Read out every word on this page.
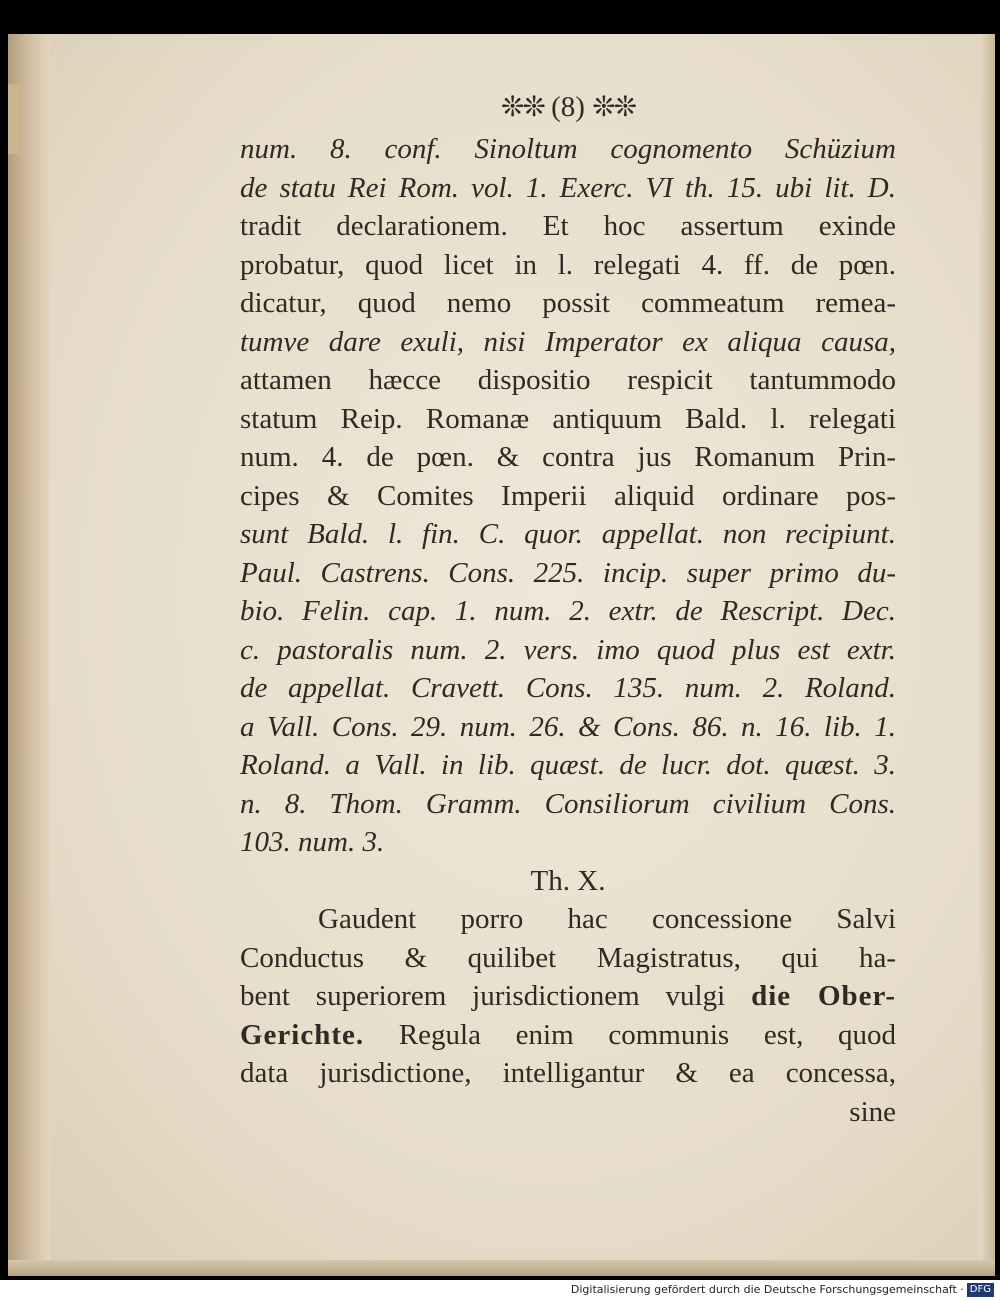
❊❊ (8) ❊❊
num. 8. conf. Sinoltum cognomento Schüzium
de statu Rei Rom. vol. 1. Exerc. VI th. 15. ubi lit. D.
tradit declarationem. Et hoc assertum exinde
probatur, quod licet in l. relegati 4. ff. de pœn.
dicatur, quod nemo possit commeatum remea-
tumve dare exuli, nisi Imperator ex aliqua causa,
attamen hæcce dispositio respicit tantummodo
statum Reip. Romanæ antiquum Bald. l. relegati
num. 4. de pœn. & contra jus Romanum Prin-
cipes & Comites Imperii aliquid ordinare pos-
sunt Bald. l. fin. C. quor. appellat. non recipiunt.
Paul. Castrens. Cons. 225. incip. super primo du-
bio. Felin. cap. 1. num. 2. extr. de Rescript. Dec.
c. pastoralis num. 2. vers. imo quod plus est extr.
de appellat. Cravett. Cons. 135. num. 2. Roland.
a Vall. Cons. 29. num. 26. & Cons. 86. n. 16. lib. 1.
Roland. a Vall. in lib. quæst. de lucr. dot. quæst. 3.
n. 8. Thom. Gramm. Consiliorum civilium Cons.
103. num. 3.
Th. X.
Gaudent porro hac concessione Salvi
Conductus & quilibet Magistratus, qui ha-
bent superiorem jurisdictionem vulgi die Ober-
Gerichte. Regula enim communis est, quod
data jurisdictione, intelligantur & ea concessa,
sine
Digitalisierung gefördert durch die Deutsche Forschungsgemeinschaft · DFG
